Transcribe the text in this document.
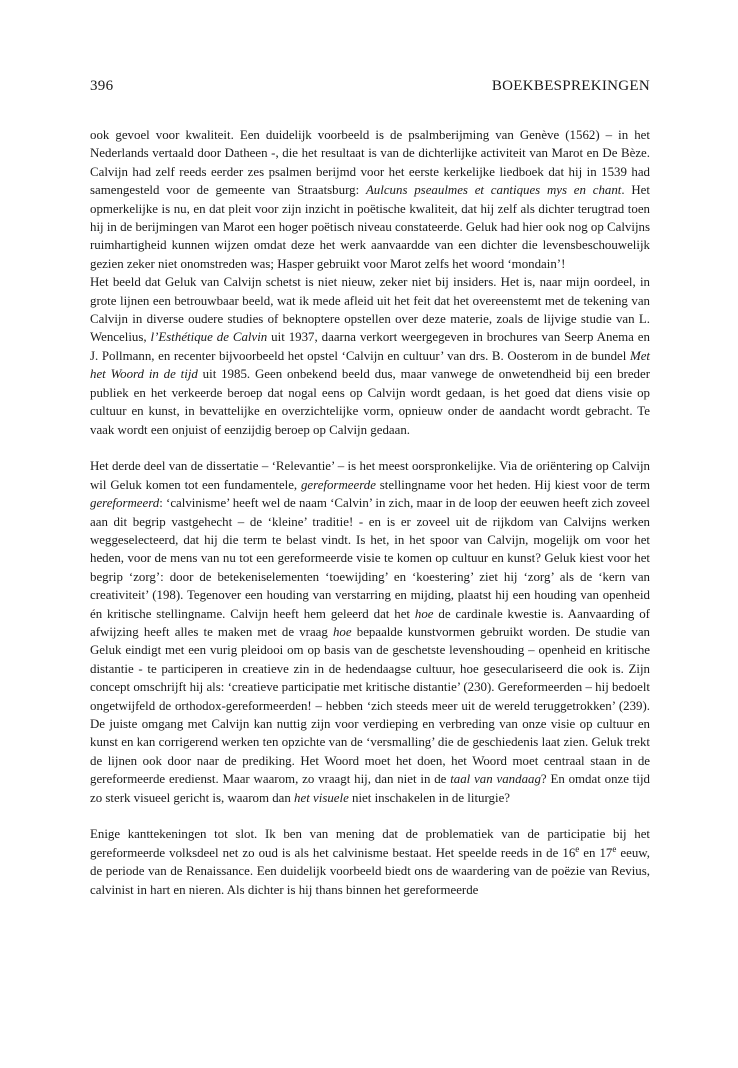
396	BOEKBESPREKINGEN

ook gevoel voor kwaliteit. Een duidelijk voorbeeld is de psalmberijming van Genève (1562) – in het Nederlands vertaald door Datheen -, die het resultaat is van de dichterlijke activiteit van Marot en De Bèze. Calvijn had zelf reeds eerder zes psalmen berijmd voor het eerste kerkelijke liedboek dat hij in 1539 had samengesteld voor de gemeente van Straatsburg: Aulcuns pseaulmes et cantiques mys en chant. Het opmerkelijke is nu, en dat pleit voor zijn inzicht in poëtische kwaliteit, dat hij zelf als dichter terugtrad toen hij in de berijmingen van Marot een hoger poëtisch niveau constateerde. Geluk had hier ook nog op Calvijns ruimhartigheid kunnen wijzen omdat deze het werk aanvaardde van een dichter die levensbeschouwelijk gezien zeker niet onomstreden was; Hasper gebruikt voor Marot zelfs het woord ‘mondain’!

Het beeld dat Geluk van Calvijn schetst is niet nieuw, zeker niet bij insiders. Het is, naar mijn oordeel, in grote lijnen een betrouwbaar beeld, wat ik mede afleid uit het feit dat het overeenstemt met de tekening van Calvijn in diverse oudere studies of beknoptere opstellen over deze materie, zoals de lijvige studie van L. Wencelius, l’Esthétique de Calvin uit 1937, daarna verkort weergegeven in brochures van Seerp Anema en J. Pollmann, en recenter bijvoorbeeld het opstel ‘Calvijn en cultuur’ van drs. B. Oosterom in de bundel Met het Woord in de tijd uit 1985. Geen onbekend beeld dus, maar vanwege de onwetendheid bij een breder publiek en het verkeerde beroep dat nogal eens op Calvijn wordt gedaan, is het goed dat diens visie op cultuur en kunst, in bevattelijke en overzichtelijke vorm, opnieuw onder de aandacht wordt gebracht. Te vaak wordt een onjuist of eenzijdig beroep op Calvijn gedaan.

Het derde deel van de dissertatie – ‘Relevantie’ – is het meest oorspronkelijke. Via de oriëntering op Calvijn wil Geluk komen tot een fundamentele, gereformeerde stellingname voor het heden. Hij kiest voor de term gereformeerd: ‘calvinisme’ heeft wel de naam ‘Calvin’ in zich, maar in de loop der eeuwen heeft zich zoveel aan dit begrip vastgehecht – de ‘kleine’ traditie! - en is er zoveel uit de rijkdom van Calvijns werken weggeselecteerd, dat hij die term te belast vindt. Is het, in het spoor van Calvijn, mogelijk om voor het heden, voor de mens van nu tot een gereformeerde visie te komen op cultuur en kunst? Geluk kiest voor het begrip ‘zorg’: door de betekeniselementen ‘toewijding’ en ‘koestering’ ziet hij ‘zorg’ als de ‘kern van creativiteit’ (198). Tegenover een houding van verstarring en mijding, plaatst hij een houding van openheid én kritische stellingname. Calvijn heeft hem geleerd dat het hoe de cardinale kwestie is. Aanvaarding of afwijzing heeft alles te maken met de vraag hoe bepaalde kunstvormen gebruikt worden. De studie van Geluk eindigt met een vurig pleidooi om op basis van de geschetste levenshouding – openheid en kritische distantie - te participeren in creatieve zin in de hedendaagse cultuur, hoe geseculariseerd die ook is. Zijn concept omschrijft hij als: ‘creatieve participatie met kritische distantie’ (230). Gereformeerden – hij bedoelt ongetwijfeld de orthodox-gereformeerden! – hebben ‘zich steeds meer uit de wereld teruggetrokken’ (239). De juiste omgang met Calvijn kan nuttig zijn voor verdieping en verbreding van onze visie op cultuur en kunst en kan corrigerend werken ten opzichte van de ‘versmalling’ die de geschiedenis laat zien. Geluk trekt de lijnen ook door naar de prediking. Het Woord moet het doen, het Woord moet centraal staan in de gereformeerde eredienst. Maar waarom, zo vraagt hij, dan niet in de taal van vandaag? En omdat onze tijd zo sterk visueel gericht is, waarom dan het visuele niet inschakelen in de liturgie?

Enige kanttekeningen tot slot. Ik ben van mening dat de problematiek van de participatie bij het gereformeerde volksdeel net zo oud is als het calvinisme bestaat. Het speelde reeds in de 16e en 17e eeuw, de periode van de Renaissance. Een duidelijk voorbeeld biedt ons de waardering van de poëzie van Revius, calvinist in hart en nieren. Als dichter is hij thans binnen het gereformeerde
